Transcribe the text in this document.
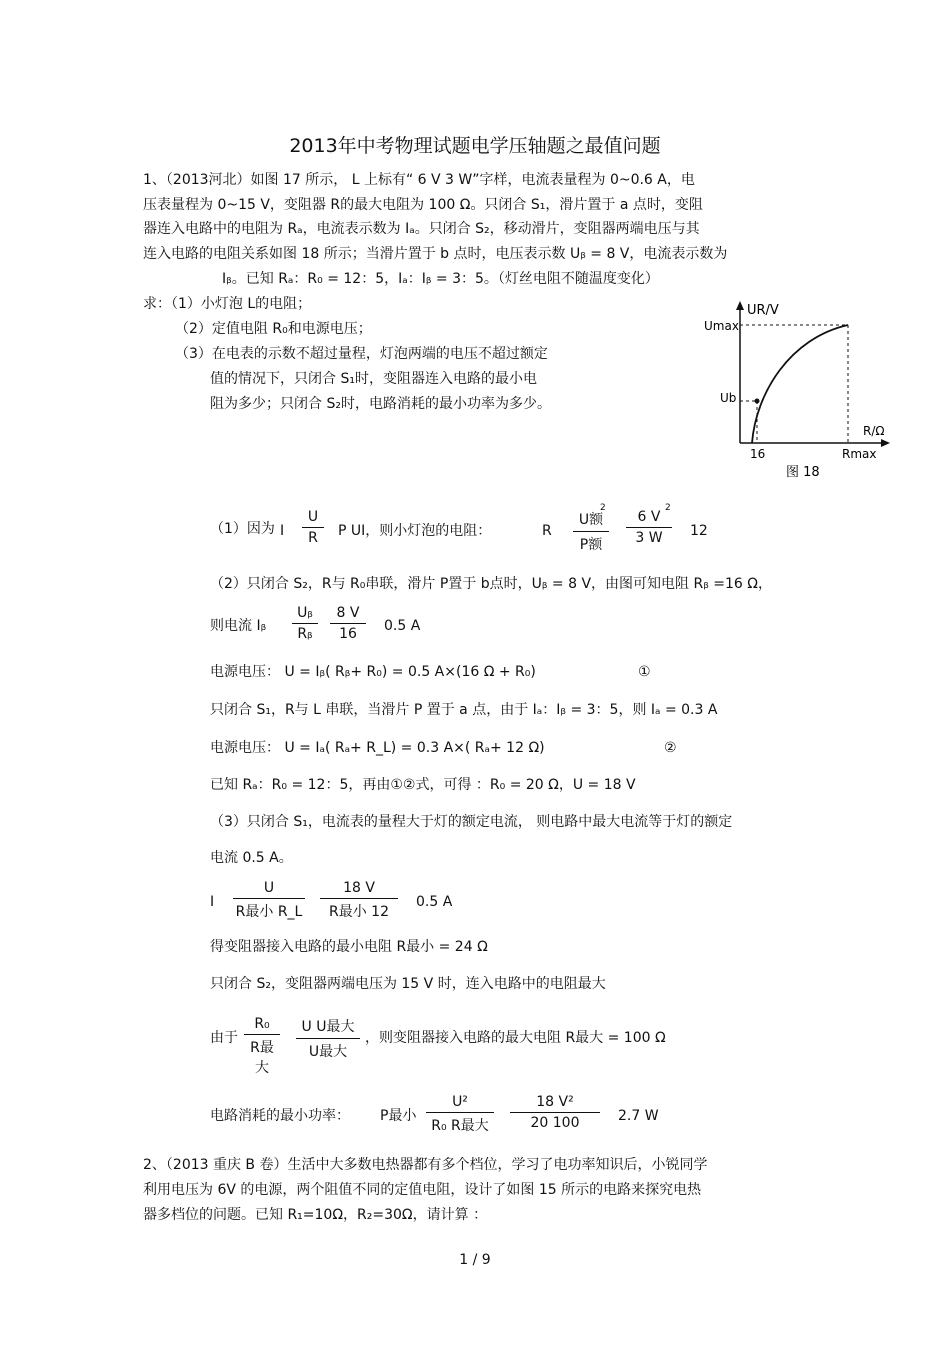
2013年中考物理试题电学压轴题之最值问题
1、（2013河北）如图 17 所示， L 上标有“ 6 V 3 W”字样，电流表量程为 0~0.6 A，电
压表量程为 0~15 V，变阻器 R的最大电阻为 100 Ω。只闭合 S₁，滑片置于 a 点时，变阻
器连入电路中的电阻为 Rₐ，电流表示数为 Iₐ。只闭合 S₂，移动滑片，变阻器两端电压与其
连入电路的电阻关系如图 18 所示；当滑片置于 b 点时，电压表示数 Uᵦ = 8 V，电流表示数为
Iᵦ。已知 Rₐ：R₀ = 12：5，Iₐ：Iᵦ = 3：5。（灯丝电阻不随温度变化）
求：（1）小灯泡 L的电阻；
（2）定值电阻 R₀和电源电压；
（3）在电表的示数不超过量程，灯泡两端的电压不超过额定
值的情况下，只闭合 S₁时，变阻器连入电路的最小电
阻为多少；只闭合 S₂时，电路消耗的最小功率为多少。
UR/V
Umax
Ub
R/Ω
16	Rmax
图 18
（1）因为 I
U
R	P UI，则小灯泡的电阻：	R
U额
P额
2
6 V
3 W
2
12
（2）只闭合 S₂，R与 R₀串联，滑片 P置于 b点时，Uᵦ = 8 V，由图可知电阻 Rᵦ =16 Ω，
则电流 Iᵦ
Uᵦ
Rᵦ
8 V
16	0.5 A
电源电压： U = Iᵦ( Rᵦ+ R₀) = 0.5 A×(16 Ω + R₀)	①
只闭合 S₁，R与 L 串联，当滑片 P 置于 a 点，由于 Iₐ：Iᵦ = 3：5，则 Iₐ = 0.3 A
电源电压： U = Iₐ( Rₐ+ R_L) = 0.3 A×( Rₐ+ 12 Ω)	②
已知 Rₐ：R₀ = 12：5，再由①②式，可得 ：R₀ = 20 Ω，U = 18 V
（3）只闭合 S₁，电流表的量程大于灯的额定电流， 则电路中最大电流等于灯的额定
电流 0.5 A。
I
U
R最小 R_L
18 V
R最小 12
0.5 A
得变阻器接入电路的最小电阻 R最小 = 24 Ω
只闭合 S₂，变阻器两端电压为 15 V 时，连入电路中的电阻最大
由于
R₀
R最大
U U最大
U最大
，则变阻器接入电路的最大电阻 R最大 = 100 Ω
电路消耗的最小功率： P最小
U²
R₀ R最大
18 V²
20 100	2.7 W
2、（2013 重庆 B 卷）生活中大多数电热器都有多个档位，学习了电功率知识后，小锐同学
利用电压为 6V 的电源，两个阻值不同的定值电阻，设计了如图 15 所示的电路来探究电热
器多档位的问题。已知 R₁=10Ω，R₂=30Ω，请计算 ：
1 / 9
